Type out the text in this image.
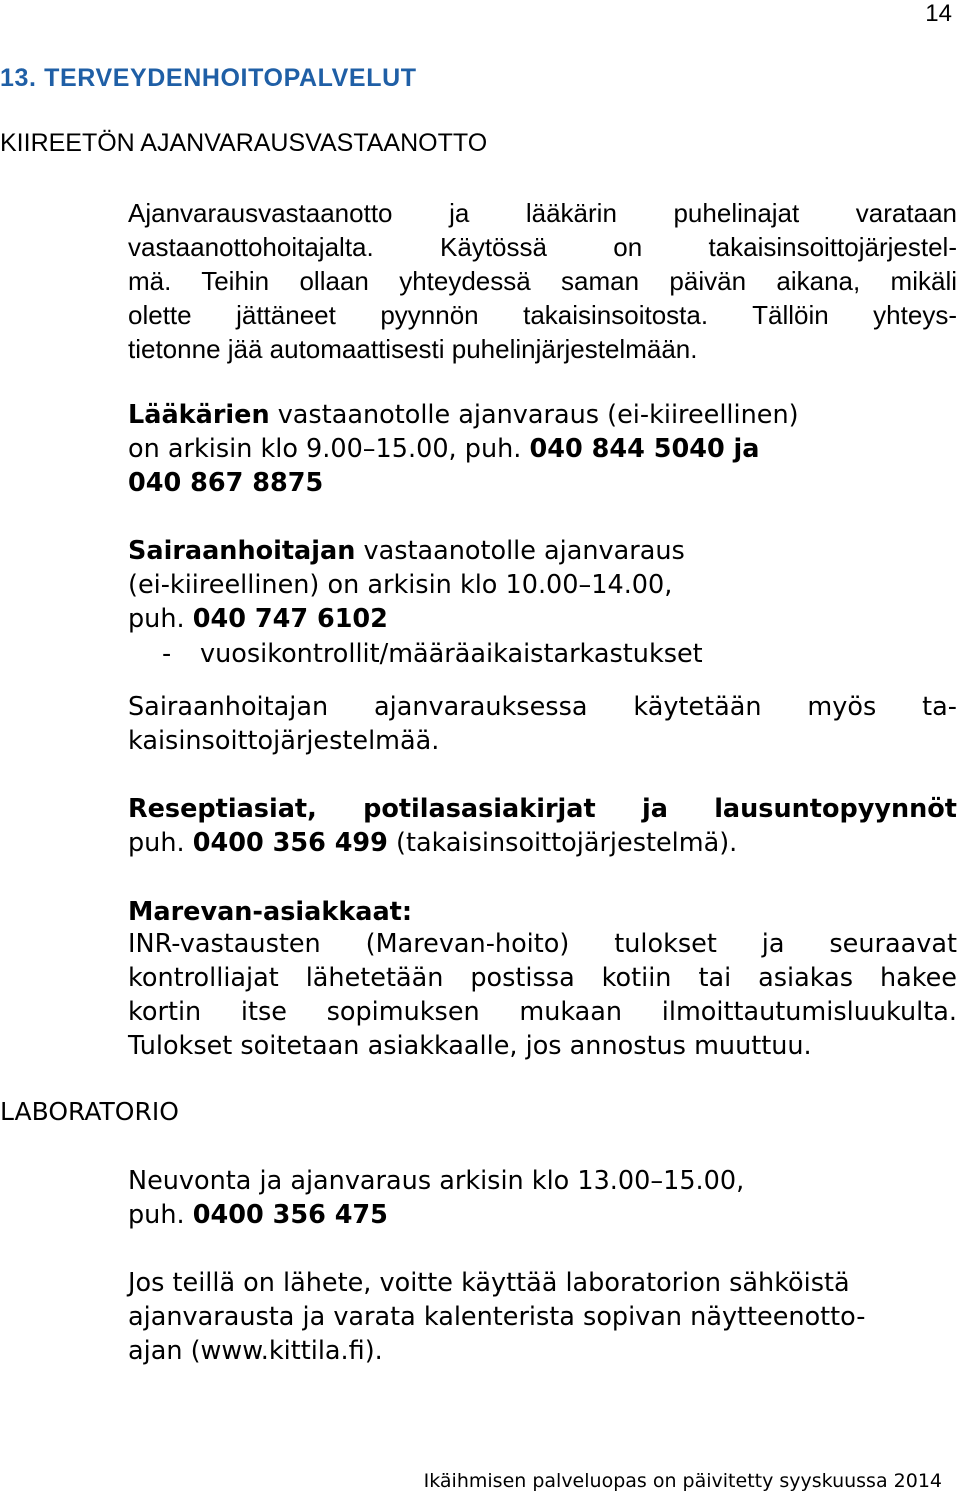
14
13. TERVEYDENHOITOPALVELUT
KIIREETÖN AJANVARAUSVASTAANOTTO
Ajanvarausvastaanotto ja lääkärin puhelinajat varataan
vastaanottohoitajalta. Käytössä on takaisinsoittojärjestel-
mä. Teihin ollaan yhteydessä saman päivän aikana, mikäli
olette jättäneet pyynnön takaisinsoitosta. Tällöin yhteys-
tietonne jää automaattisesti puhelinjärjestelmään.
Lääkärien vastaanotolle ajanvaraus (ei-kiireellinen)
on arkisin klo 9.00–15.00, puh. 040 844 5040 ja
040 867 8875
Sairaanhoitajan vastaanotolle ajanvaraus
(ei-kiireellinen) on arkisin klo 10.00–14.00,
puh. 040 747 6102
- vuosikontrollit/määräaikaistarkastukset
Sairaanhoitajan ajanvarauksessa käytetään myös ta-
kaisinsoittojärjestelmää.
Reseptiasiat, potilasasiakirjat ja lausuntopyynnöt
puh. 0400 356 499 (takaisinsoittojärjestelmä).
Marevan-asiakkaat:
INR-vastausten (Marevan-hoito) tulokset ja seuraavat
kontrolliajat lähetetään postissa kotiin tai asiakas hakee
kortin itse sopimuksen mukaan ilmoittautumisluukulta.
Tulokset soitetaan asiakkaalle, jos annostus muuttuu.
LABORATORIO
Neuvonta ja ajanvaraus arkisin klo 13.00–15.00,
puh. 0400 356 475
Jos teillä on lähete, voitte käyttää laboratorion sähköistä
ajanvarausta ja varata kalenterista sopivan näytteenotto-
ajan (www.kittila.fi).
Ikäihmisen palveluopas on päivitetty syyskuussa 2014
